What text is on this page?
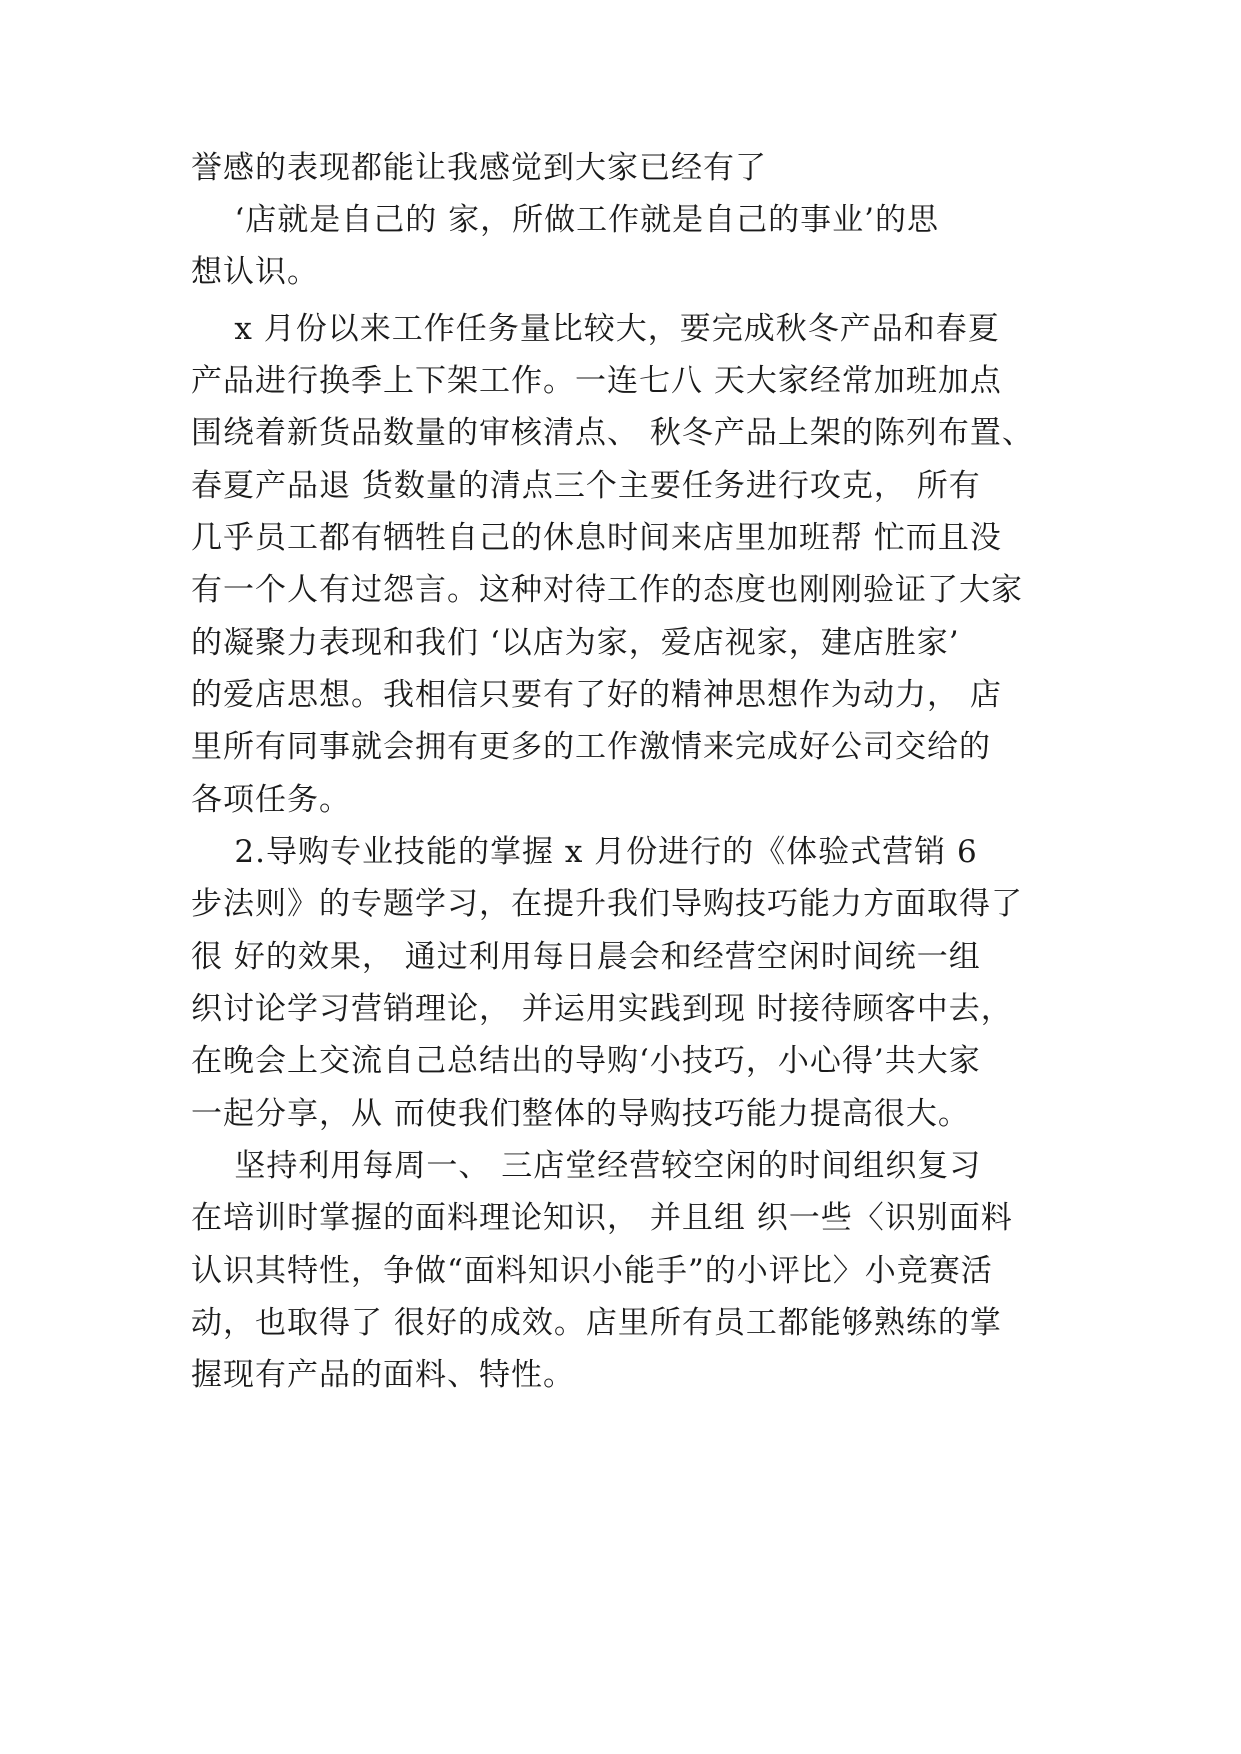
誉感的表现都能让我感觉到大家已经有了
‘店就是自己的 家，所做工作就是自己的事业’的思
想认识。
x 月份以来工作任务量比较大，要完成秋冬产品和春夏
产品进行换季上下架工作。一连七八 天大家经常加班加点
围绕着新货品数量的审核清点、 秋冬产品上架的陈列布置、
春夏产品退 货数量的清点三个主要任务进行攻克， 所有
几乎员工都有牺牲自己的休息时间来店里加班帮 忙而且没
有一个人有过怨言。这种对待工作的态度也刚刚验证了大家
的凝聚力表现和我们 ‘以店为家，爱店视家，建店胜家’
的爱店思想。我相信只要有了好的精神思想作为动力， 店
里所有同事就会拥有更多的工作激情来完成好公司交给的
各项任务。
2.导购专业技能的掌握 x 月份进行的《体验式营销 6
步法则》的专题学习，在提升我们导购技巧能力方面取得了
很 好的效果， 通过利用每日晨会和经营空闲时间统一组
织讨论学习营销理论， 并运用实践到现 时接待顾客中去，
在晚会上交流自己总结出的导购‘小技巧，小心得’共大家
一起分享，从 而使我们整体的导购技巧能力提高很大。
坚持利用每周一、 三店堂经营较空闲的时间组织复习
在培训时掌握的面料理论知识， 并且组 织一些〈识别面料
认识其特性，争做“面料知识小能手”的小评比〉小竞赛活
动，也取得了 很好的成效。店里所有员工都能够熟练的掌
握现有产品的面料、特性。
